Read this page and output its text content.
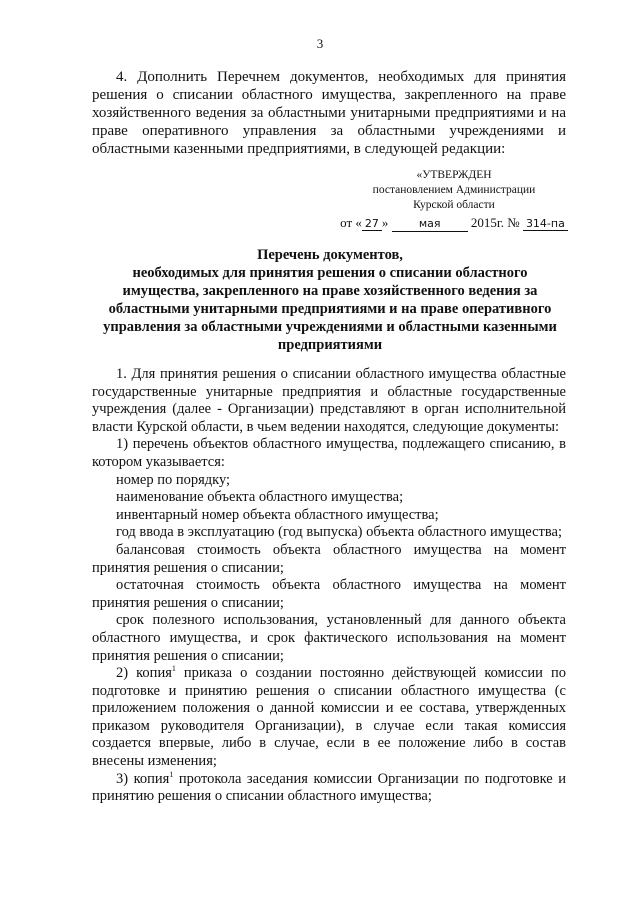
3
4. Дополнить Перечнем документов, необходимых для принятия решения о списании областного имущества, закрепленного на праве хозяйственного ведения за областными унитарными предприятиями и на праве оперативного управления за областными учреждениями и областными казенными предприятиями, в следующей редакции:
«УТВЕРЖДЕН
постановлением Администрации
Курской области
от « 27 »	мая 2015г. № 314-па
Перечень документов,
необходимых для принятия решения о списании областного
имущества, закрепленного на праве хозяйственного ведения за
областными унитарными предприятиями и на праве оперативного
управления за областными учреждениями и областными казенными
предприятиями

1. Для принятия решения о списании областного имущества областные государственные унитарные предприятия и областные государственные учреждения (далее - Организации) представляют в орган исполнительной власти Курской области, в чьем ведении находятся, следующие документы:

1) перечень объектов областного имущества, подлежащего списанию, в котором указывается:

номер по порядку;

наименование объекта областного имущества;

инвентарный номер объекта областного имущества;

год ввода в эксплуатацию (год выпуска) объекта областного имущества;

балансовая стоимость объекта областного имущества на момент принятия решения о списании;

остаточная стоимость объекта областного имущества на момент принятия решения о списании;

срок полезного использования, установленный для данного объекта областного имущества, и срок фактического использования на момент принятия решения о списании;

2) копия$^1$ приказа о создании постоянно действующей комиссии по подготовке и принятию решения о списании областного имущества (с приложением положения о данной комиссии и ее состава, утвержденных приказом руководителя Организации), в случае если такая комиссия создается впервые, либо в случае, если в ее положение либо в состав внесены изменения;

3) копия$^1$ протокола заседания комиссии Организации по подготовке и принятию решения о списании областного имущества;
